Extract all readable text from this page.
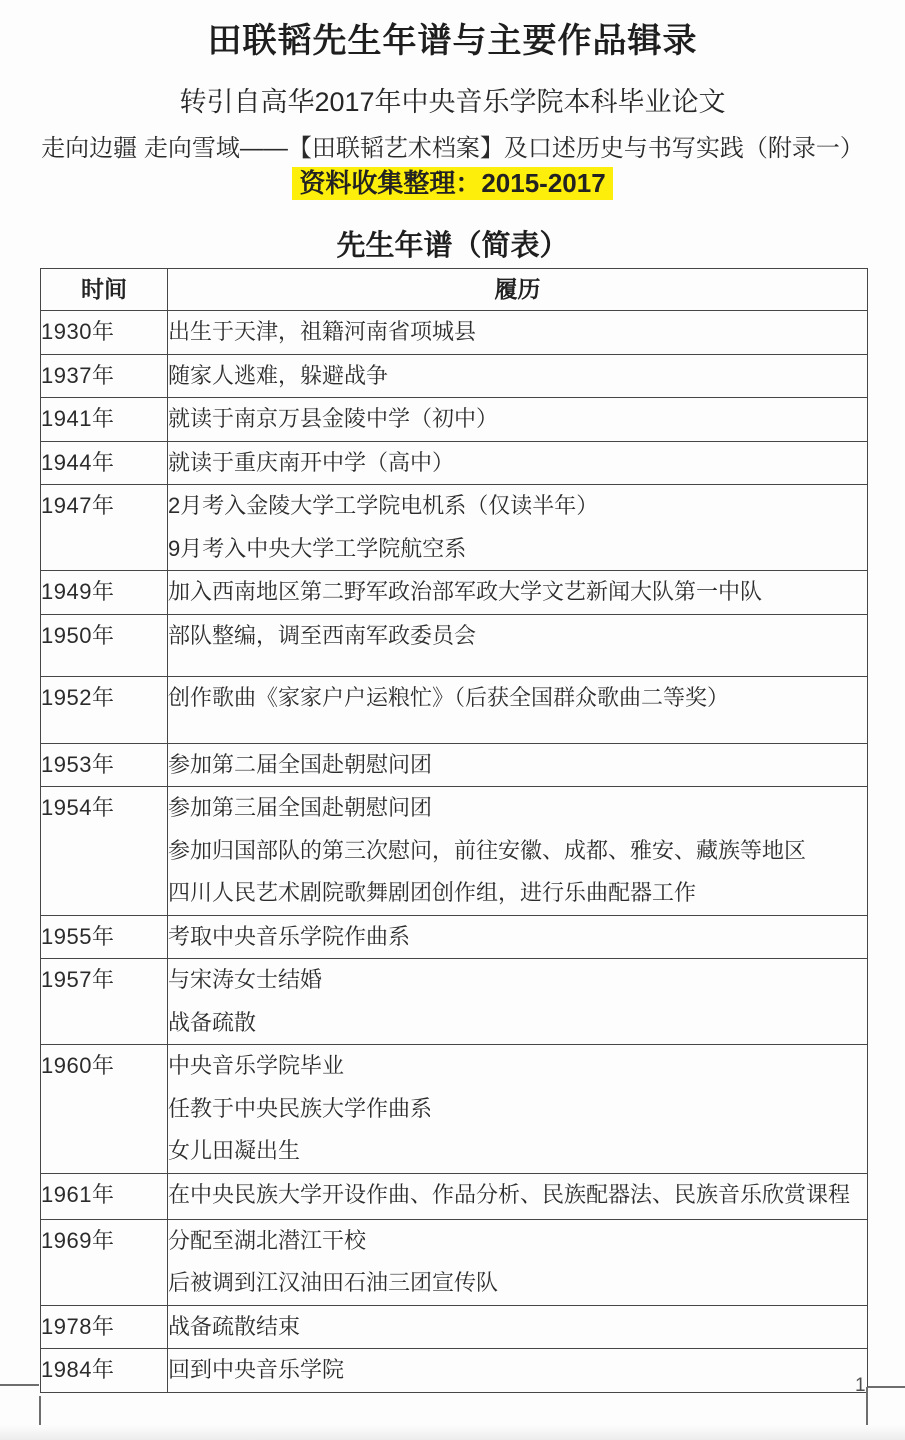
田联韬先生年谱与主要作品辑录
转引自高华2017年中央音乐学院本科毕业论文
走向边疆 走向雪域——【田联韬艺术档案】及口述历史与书写实践（附录一）
资料收集整理：2015-2017
先生年谱（简表）
时间	履历

1930年	出生于天津，祖籍河南省项城县

1937年	随家人逃难，躲避战争

1941年	就读于南京万县金陵中学（初中）

1944年	就读于重庆南开中学（高中）

1947年	2月考入金陵大学工学院电机系（仅读半年）
9月考入中央大学工学院航空系

1949年	加入西南地区第二野军政治部军政大学文艺新闻大队第一中队

1950年	部队整编，调至西南军政委员会

1952年	创作歌曲《家家户户运粮忙》（后获全国群众歌曲二等奖）

1953年	参加第二届全国赴朝慰问团

1954年	参加第三届全国赴朝慰问团
参加归国部队的第三次慰问，前往安徽、成都、雅安、藏族等地区
四川人民艺术剧院歌舞剧团创作组，进行乐曲配器工作

1955年	考取中央音乐学院作曲系

1957年	与宋涛女士结婚
战备疏散

1960年	中央音乐学院毕业
任教于中央民族大学作曲系
女儿田凝出生

1961年	在中央民族大学开设作曲、作品分析、民族配器法、民族音乐欣赏课程

1969年	分配至湖北潜江干校
后被调到江汉油田石油三团宣传队

1978年	战备疏散结束

1984年	回到中央音乐学院
1
